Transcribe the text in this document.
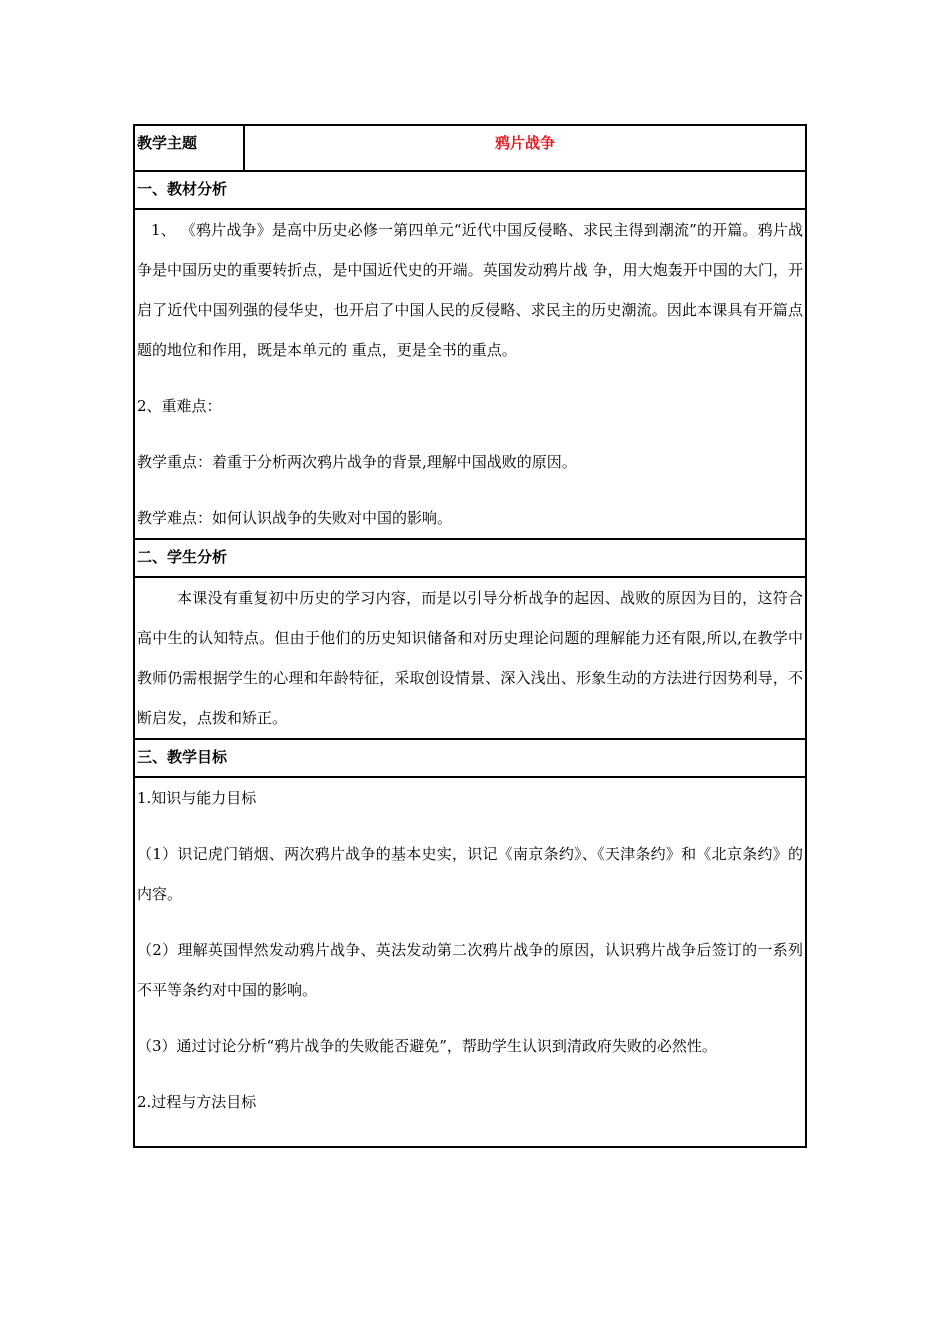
教学主题	鸦片战争
一、教材分析

1、 《鸦片战争》是高中历史必修一第四单元“近代中国反侵略、求民主得到潮流”的开篇。鸦片战争是中国历史的重要转折点，是中国近代史的开端。英国发动鸦片战 争，用大炮轰开中国的大门，开启了近代中国列强的侵华史，也开启了中国人民的反侵略、求民主的历史潮流。因此本课具有开篇点题的地位和作用，既是本单元的 重点，更是全书的重点。

2、重难点：

教学重点：着重于分析两次鸦片战争的背景,理解中国战败的原因。

教学难点：如何认识战争的失败对中国的影响。

二、学生分析

本课没有重复初中历史的学习内容，而是以引导分析战争的起因、战败的原因为目的，这符合高中生的认知特点。但由于他们的历史知识储备和对历史理论问题的理解能力还有限,所以,在教学中教师仍需根据学生的心理和年龄特征，采取创设情景、深入浅出、形象生动的方法进行因势利导，不断启发，点拨和矫正。

三、教学目标

1.知识与能力目标

（1）识记虎门销烟、两次鸦片战争的基本史实，识记《南京条约》、《天津条约》和《北京条约》的内容。

（2）理解英国悍然发动鸦片战争、英法发动第二次鸦片战争的原因，认识鸦片战争后签订的一系列不平等条约对中国的影响。

（3）通过讨论分析“鸦片战争的失败能否避免”，帮助学生认识到清政府失败的必然性。

2.过程与方法目标
